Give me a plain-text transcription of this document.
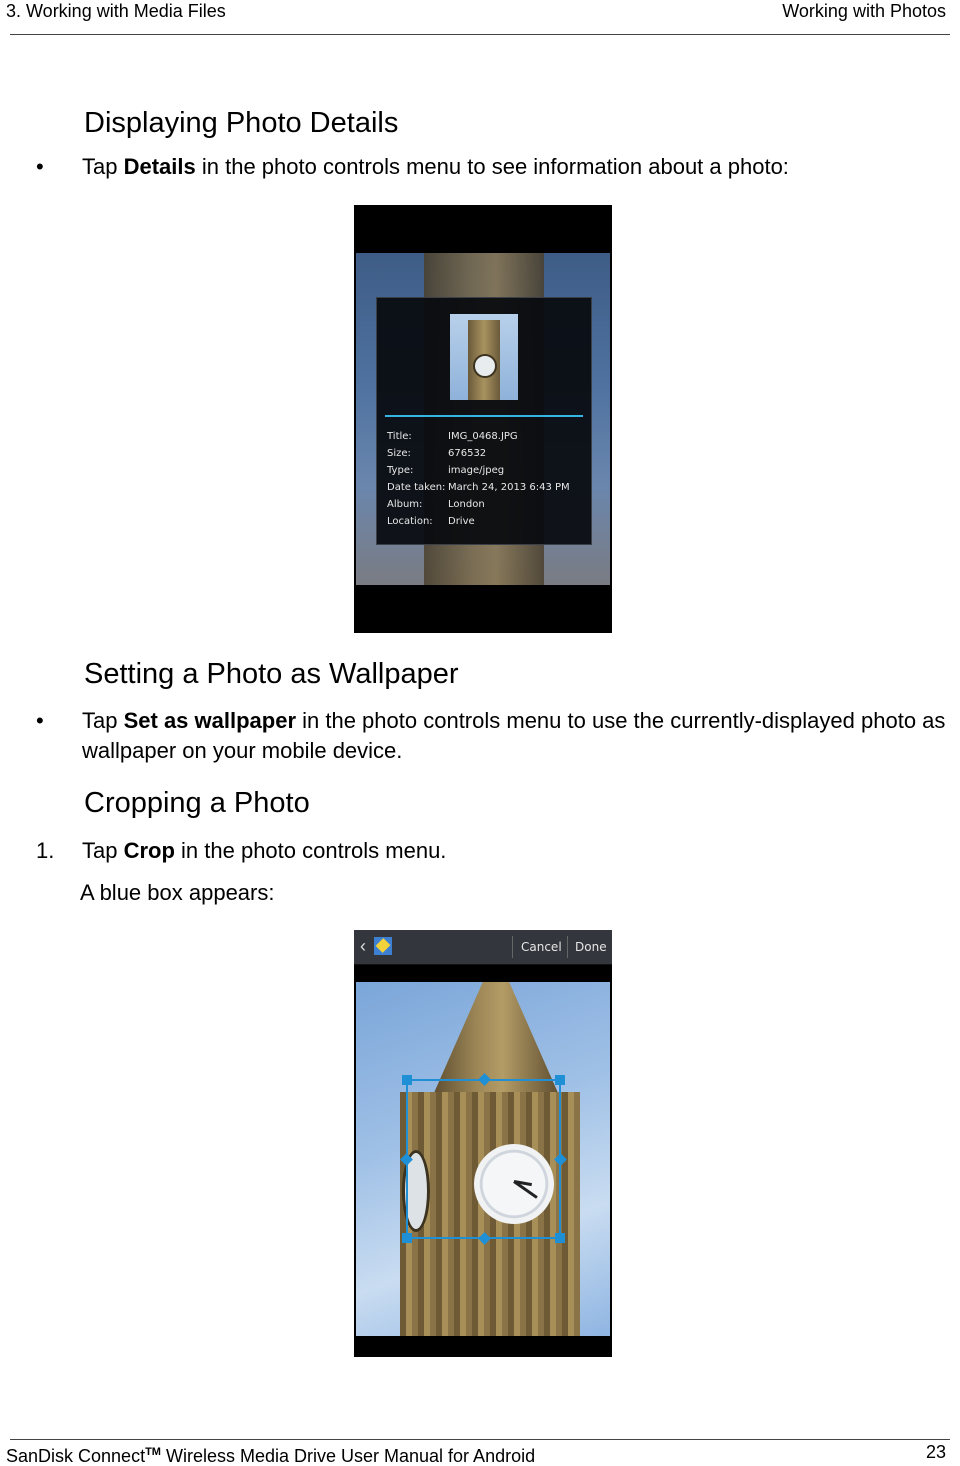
3. Working with Media Files	Working with Photos
Displaying Photo Details
• Tap Details in the photo controls menu to see information about a photo:

Title:	IMG_0468.JPG
Size:	676532
Type:	image/jpeg
Date taken: March 24, 2013 6:43 PM
Album:	London
Location:	Drive
Setting a Photo as Wallpaper
• Tap Set as wallpaper in the photo controls menu to use the currently-displayed photo as wallpaper on your mobile device.

Cropping a Photo
1. Tap Crop in the photo controls menu.

A blue box appears:

‹	Cancel Done
SanDisk Connect™ Wireless Media Drive User Manual for Android	23
